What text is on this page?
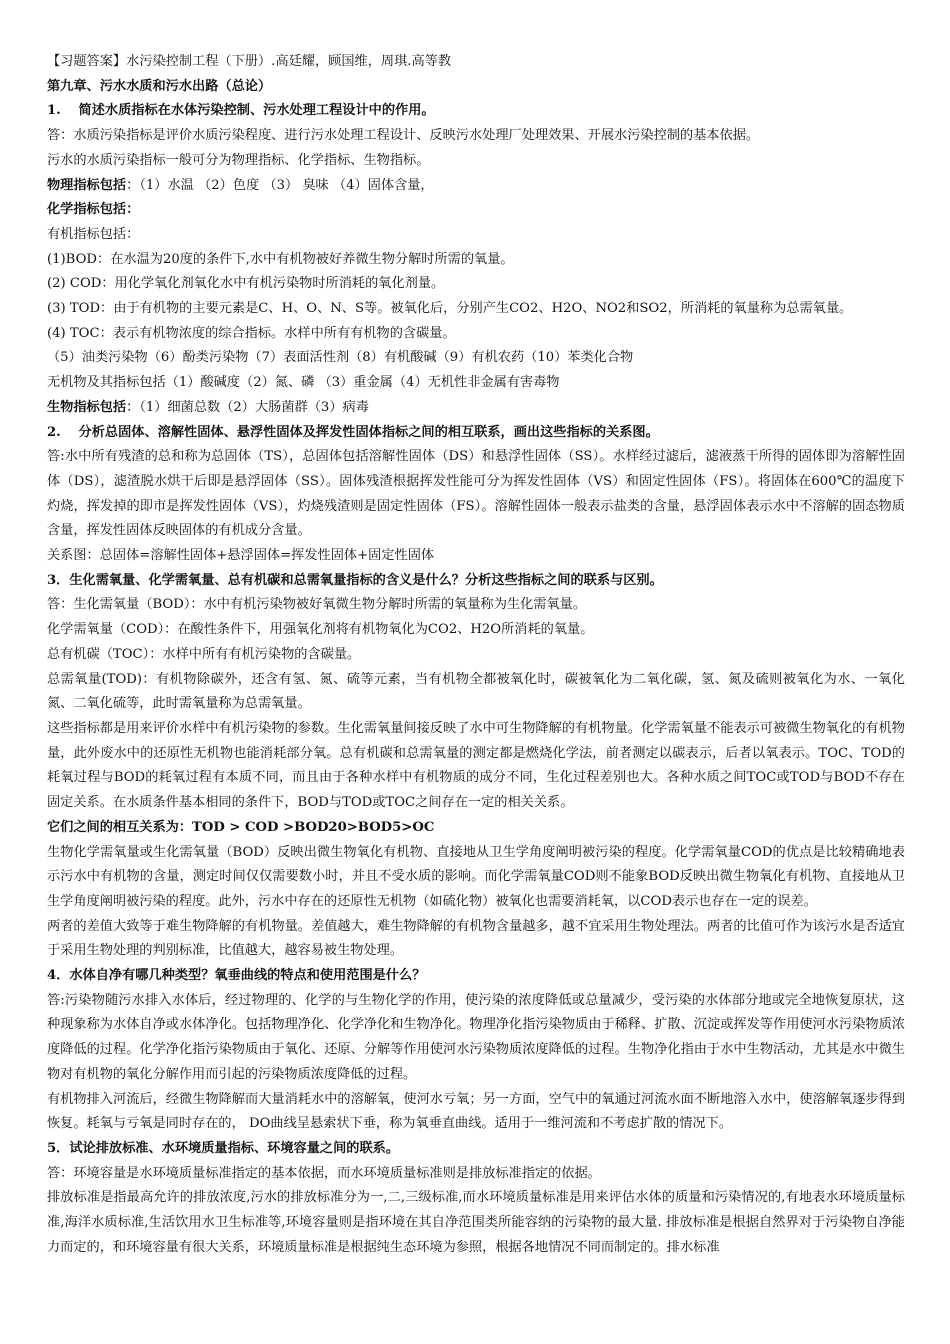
【习题答案】水污染控制工程（下册）.高廷耀，顾国维，周琪.高等教

第九章、污水水质和污水出路（总论）

1.　 简述水质指标在水体污染控制、污水处理工程设计中的作用。

答：水质污染指标是评价水质污染程度、进行污水处理工程设计、反映污水处理厂处理效果、开展水污染控制的基本依据。

污水的水质污染指标一般可分为物理指标、化学指标、生物指标。

物理指标包括：（1）水温 （2）色度 （3） 臭味 （4）固体含量，

化学指标包括：

有机指标包括：

(1)BOD：在水温为20度的条件下,水中有机物被好养微生物分解时所需的氧量。

(2) COD：用化学氧化剂氧化水中有机污染物时所消耗的氧化剂量。

(3) TOD：由于有机物的主要元素是C、H、O、N、S等。被氧化后，分别产生CO2、H2O、NO2和SO2，所消耗的氧量称为总需氧量。

(4) TOC：表示有机物浓度的综合指标。水样中所有有机物的含碳量。

（5）油类污染物（6）酚类污染物（7）表面活性剂（8）有机酸碱（9）有机农药（10）苯类化合物

无机物及其指标包括（1）酸碱度（2）氮、磷 （3）重金属（4）无机性非金属有害毒物

生物指标包括：（1）细菌总数（2）大肠菌群（3）病毒

2.　 分析总固体、溶解性固体、悬浮性固体及挥发性固体指标之间的相互联系，画出这些指标的关系图。

答:水中所有残渣的总和称为总固体（TS），总固体包括溶解性固体（DS）和悬浮性固体（SS）。水样经过滤后，滤液蒸干所得的固体即为溶解性固体（DS），滤渣脱水烘干后即是悬浮固体（SS）。固体残渣根据挥发性能可分为挥发性固体（VS）和固定性固体（FS）。将固体在600℃的温度下灼烧，挥发掉的即市是挥发性固体（VS），灼烧残渣则是固定性固体（FS）。溶解性固体一般表示盐类的含量，悬浮固体表示水中不溶解的固态物质含量，挥发性固体反映固体的有机成分含量。

关系图：总固体=溶解性固体+悬浮固体=挥发性固体+固定性固体

3．生化需氧量、化学需氧量、总有机碳和总需氧量指标的含义是什么？分析这些指标之间的联系与区别。

答：生化需氧量（BOD）：水中有机污染物被好氧微生物分解时所需的氧量称为生化需氧量。

化学需氧量（COD）：在酸性条件下，用强氧化剂将有机物氧化为CO2、H2O所消耗的氧量。

总有机碳（TOC）：水样中所有有机污染物的含碳量。

总需氧量(TOD)：有机物除碳外，还含有氢、氮、硫等元素，当有机物全都被氧化时，碳被氧化为二氧化碳，氢、氮及硫则被氧化为水、一氧化氮、二氧化硫等，此时需氧量称为总需氧量。

这些指标都是用来评价水样中有机污染物的参数。生化需氧量间接反映了水中可生物降解的有机物量。化学需氧量不能表示可被微生物氧化的有机物量，此外废水中的还原性无机物也能消耗部分氧。总有机碳和总需氧量的测定都是燃烧化学法，前者测定以碳表示，后者以氧表示。TOC、TOD的耗氧过程与BOD的耗氧过程有本质不同，而且由于各种水样中有机物质的成分不同，生化过程差别也大。各种水质之间TOC或TOD与BOD不存在固定关系。在水质条件基本相同的条件下，BOD与TOD或TOC之间存在一定的相关关系。

它们之间的相互关系为：TOD > COD >BOD20>BOD5>OC

生物化学需氧量或生化需氧量（BOD）反映出微生物氧化有机物、直接地从卫生学角度阐明被污染的程度。化学需氧量COD的优点是比较精确地表示污水中有机物的含量，测定时间仅仅需要数小时，并且不受水质的影响。而化学需氧量COD则不能象BOD反映出微生物氧化有机物、直接地从卫生学角度阐明被污染的程度。此外，污水中存在的还原性无机物（如硫化物）被氧化也需要消耗氧，以COD表示也存在一定的误差。

两者的差值大致等于难生物降解的有机物量。差值越大，难生物降解的有机物含量越多，越不宜采用生物处理法。两者的比值可作为该污水是否适宜于采用生物处理的判别标准，比值越大，越容易被生物处理。

4．水体自净有哪几种类型？氧垂曲线的特点和使用范围是什么？

答:污染物随污水排入水体后，经过物理的、化学的与生物化学的作用，使污染的浓度降低或总量减少，受污染的水体部分地或完全地恢复原状，这种现象称为水体自净或水体净化。包括物理净化、化学净化和生物净化。物理净化指污染物质由于稀释、扩散、沉淀或挥发等作用使河水污染物质浓度降低的过程。化学净化指污染物质由于氧化、还原、分解等作用使河水污染物质浓度降低的过程。生物净化指由于水中生物活动，尤其是水中微生物对有机物的氧化分解作用而引起的污染物质浓度降低的过程。

有机物排入河流后，经微生物降解而大量消耗水中的溶解氧，使河水亏氧；另一方面，空气中的氧通过河流水面不断地溶入水中，使溶解氧逐步得到恢复。耗氧与亏氧是同时存在的， DO曲线呈悬索状下垂，称为氧垂直曲线。适用于一维河流和不考虑扩散的情况下。

5．试论排放标准、水环境质量指标、环境容量之间的联系。

答：环境容量是水环境质量标准指定的基本依据，而水环境质量标准则是排放标准指定的依据。

排放标准是指最高允许的排放浓度,污水的排放标准分为一,二,三级标准,而水环境质量标准是用来评估水体的质量和污染情况的,有地表水环境质量标准,海洋水质标准,生活饮用水卫生标准等,环境容量则是指环境在其自净范围类所能容纳的污染物的最大量. 排放标准是根据自然界对于污染物自净能力而定的，和环境容量有很大关系，环境质量标准是根据纯生态环境为参照，根据各地情况不同而制定的。排水标准
